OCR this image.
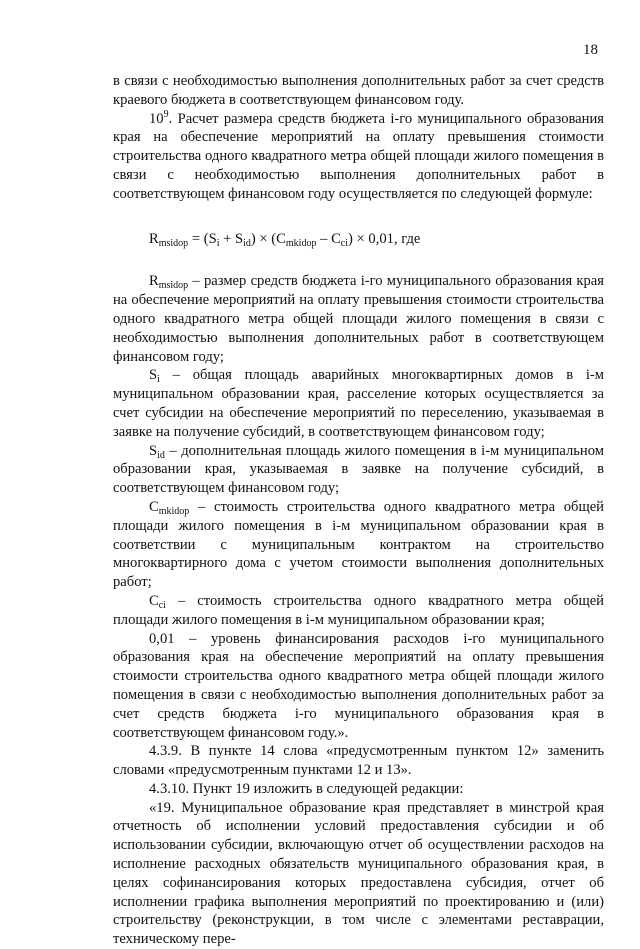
18

в связи с необходимостью выполнения дополнительных работ за счет средств краевого бюджета в соответствующем финансовом году.

$10^9$. Расчет размера средств бюджета i-го муниципального образования края на обеспечение мероприятий на оплату превышения стоимости строительства одного квадратного метра общей площади жилого помещения в связи с необходимостью выполнения дополнительных работ в соответствующем финансовом году осуществляется по следующей формуле:

$R_{msidop} = (S_i + S_{id}) \times (C_{mkidop} - C_{ci}) \times 0,01$, где

$R_{msidop}$ – размер средств бюджета i-го муниципального образования края на обеспечение мероприятий на оплату превышения стоимости строительства одного квадратного метра общей площади жилого помещения в связи с необходимостью выполнения дополнительных работ в соответствующем финансовом году;

$S_i$ – общая площадь аварийных многоквартирных домов в i-м муниципальном образовании края, расселение которых осуществляется за счет субсидии на обеспечение мероприятий по переселению, указываемая в заявке на получение субсидий, в соответствующем финансовом году;

$S_{id}$ – дополнительная площадь жилого помещения в i-м муниципальном образовании края, указываемая в заявке на получение субсидий, в соответствующем финансовом году;

$C_{mkidop}$ – стоимость строительства одного квадратного метра общей площади жилого помещения в i-м муниципальном образовании края в соответствии с муниципальным контрактом на строительство многоквартирного дома с учетом стоимости выполнения дополнительных работ;

$C_{ci}$ – стоимость строительства одного квадратного метра общей площади жилого помещения в i-м муниципальном образовании края;

0,01 – уровень финансирования расходов i-го муниципального образования края на обеспечение мероприятий на оплату превышения стоимости строительства одного квадратного метра общей площади жилого помещения в связи с необходимостью выполнения дополнительных работ за счет средств бюджета i-го муниципального образования края в соответствующем финансовом году.».

4.3.9. В пункте 14 слова «предусмотренным пунктом 12» заменить словами «предусмотренным пунктами 12 и 13».

4.3.10. Пункт 19 изложить в следующей редакции:

«19. Муниципальное образование края представляет в минстрой края отчетность об исполнении условий предоставления субсидии и об использовании субсидии, включающую отчет об осуществлении расходов на исполнение расходных обязательств муниципального образования края, в целях софинансирования которых предоставлена субсидия, отчет об исполнении графика выполнения мероприятий по проектированию и (или) строительству (реконструкции, в том числе с элементами реставрации, техническому пере-
